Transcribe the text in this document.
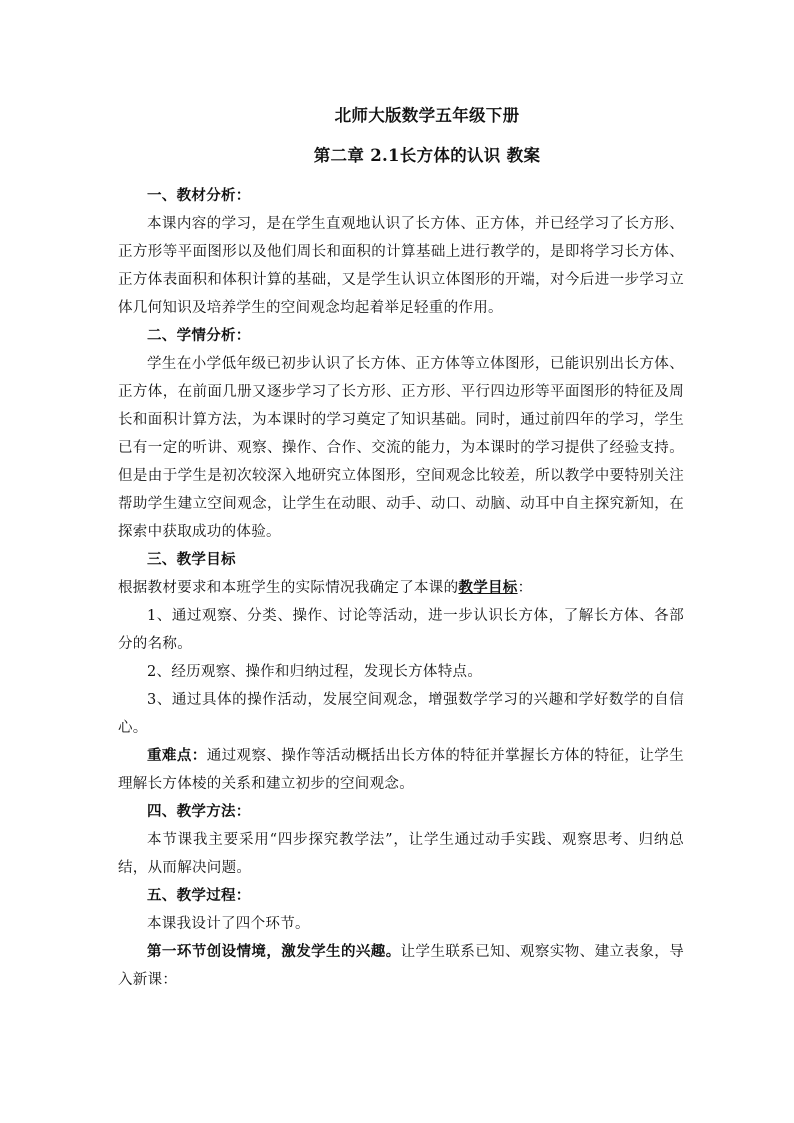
北师大版数学五年级下册
第二章 2.1长方体的认识 教案

一、教材分析：

本课内容的学习，是在学生直观地认识了长方体、正方体，并已经学习了长方形、正方形等平面图形以及他们周长和面积的计算基础上进行教学的，是即将学习长方体、正方体表面积和体积计算的基础，又是学生认识立体图形的开端，对今后进一步学习立体几何知识及培养学生的空间观念均起着举足轻重的作用。

二、学情分析：

学生在小学低年级已初步认识了长方体、正方体等立体图形，已能识别出长方体、正方体，在前面几册又逐步学习了长方形、正方形、平行四边形等平面图形的特征及周长和面积计算方法，为本课时的学习奠定了知识基础。同时，通过前四年的学习，学生已有一定的听讲、观察、操作、合作、交流的能力，为本课时的学习提供了经验支持。但是由于学生是初次较深入地研究立体图形，空间观念比较差，所以教学中要特别关注帮助学生建立空间观念，让学生在动眼、动手、动口、动脑、动耳中自主探究新知，在探索中获取成功的体验。

三、教学目标

根据教材要求和本班学生的实际情况我确定了本课的教学目标：

1、通过观察、分类、操作、讨论等活动，进一步认识长方体，了解长方体、各部分的名称。

2、经历观察、操作和归纳过程，发现长方体特点。

3、通过具体的操作活动，发展空间观念，增强数学学习的兴趣和学好数学的自信心。

重难点：通过观察、操作等活动概括出长方体的特征并掌握长方体的特征，让学生理解长方体棱的关系和建立初步的空间观念。

四、教学方法：

本节课我主要采用“四步探究教学法”，让学生通过动手实践、观察思考、归纳总结，从而解决问题。

五、教学过程：

本课我设计了四个环节。

第一环节创设情境，激发学生的兴趣。让学生联系已知、观察实物、建立表象，导入新课：
